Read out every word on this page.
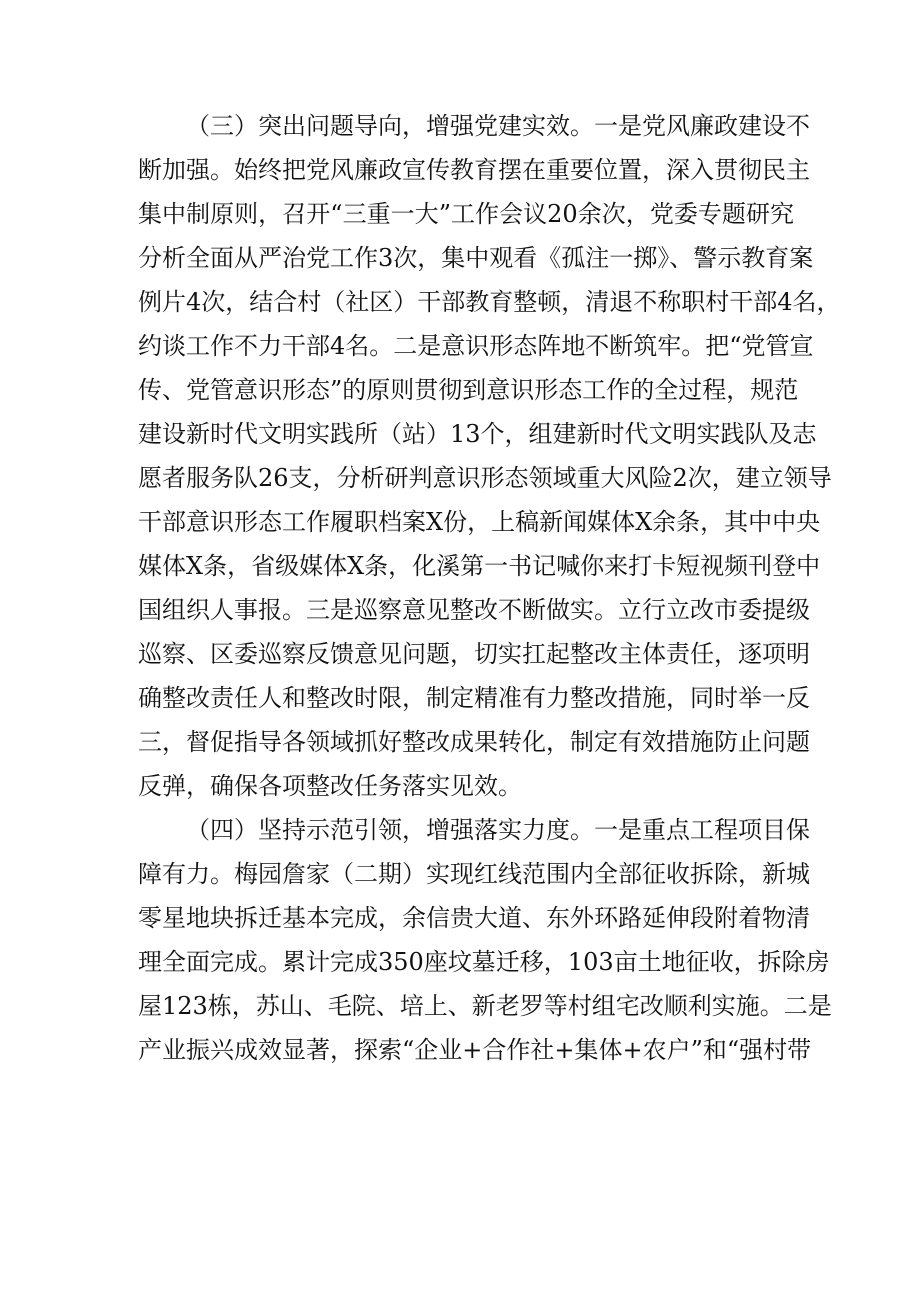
（三）突出问题导向，增强党建实效。一是党风廉政建设不
断加强。始终把党风廉政宣传教育摆在重要位置，深入贯彻民主
集中制原则，召开“三重一大”工作会议20余次，党委专题研究
分析全面从严治党工作3次，集中观看《孤注一掷》、警示教育案
例片4次，结合村（社区）干部教育整顿，清退不称职村干部4名，
约谈工作不力干部4名。二是意识形态阵地不断筑牢。把“党管宣
传、党管意识形态”的原则贯彻到意识形态工作的全过程，规范
建设新时代文明实践所（站）13个，组建新时代文明实践队及志
愿者服务队26支，分析研判意识形态领域重大风险2次，建立领导
干部意识形态工作履职档案X份，上稿新闻媒体X余条，其中中央
媒体X条，省级媒体X条，化溪第一书记喊你来打卡短视频刊登中
国组织人事报。三是巡察意见整改不断做实。立行立改市委提级
巡察、区委巡察反馈意见问题，切实扛起整改主体责任，逐项明
确整改责任人和整改时限，制定精准有力整改措施，同时举一反
三，督促指导各领域抓好整改成果转化，制定有效措施防止问题
反弹，确保各项整改任务落实见效。
（四）坚持示范引领，增强落实力度。一是重点工程项目保
障有力。梅园詹家（二期）实现红线范围内全部征收拆除，新城
零星地块拆迁基本完成，余信贵大道、东外环路延伸段附着物清
理全面完成。累计完成350座坟墓迁移，103亩土地征收，拆除房
屋123栋，苏山、毛院、培上、新老罗等村组宅改顺利实施。二是
产业振兴成效显著，探索“企业+合作社+集体+农户”和“强村带
